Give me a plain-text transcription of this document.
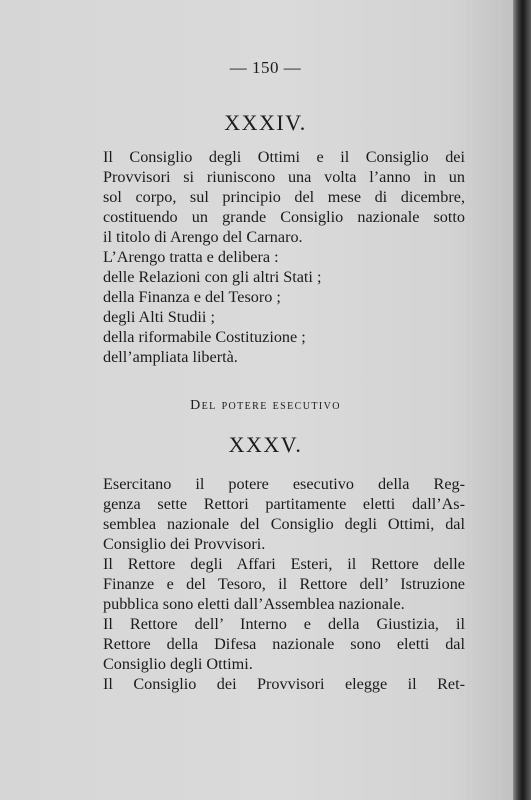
— 150 —
XXXIV.
Il Consiglio degli Ottimi e il Consiglio dei
Provvisori si riuniscono una volta l’anno in un
sol corpo, sul principio del mese di dicembre,
costituendo un grande Consiglio nazionale sotto
il titolo di Arengo del Carnaro.
L’Arengo tratta e delibera :
delle Relazioni con gli altri Stati ;
della Finanza e del Tesoro ;
degli Alti Studii ;
della riformabile Costituzione ;
dell’ampliata libertà.
Del potere esecutivo
XXXV.
Esercitano il potere esecutivo della Reg-
genza sette Rettori partitamente eletti dall’As-
semblea nazionale del Consiglio degli Ottimi, dal
Consiglio dei Provvisori.
Il Rettore degli Affari Esteri, il Rettore delle
Finanze e del Tesoro, il Rettore dell’ Istruzione
pubblica sono eletti dall’Assemblea nazionale.
Il Rettore dell’ Interno e della Giustizia, il
Rettore della Difesa nazionale sono eletti dal
Consiglio degli Ottimi.
Il Consiglio dei Provvisori elegge il Ret-
